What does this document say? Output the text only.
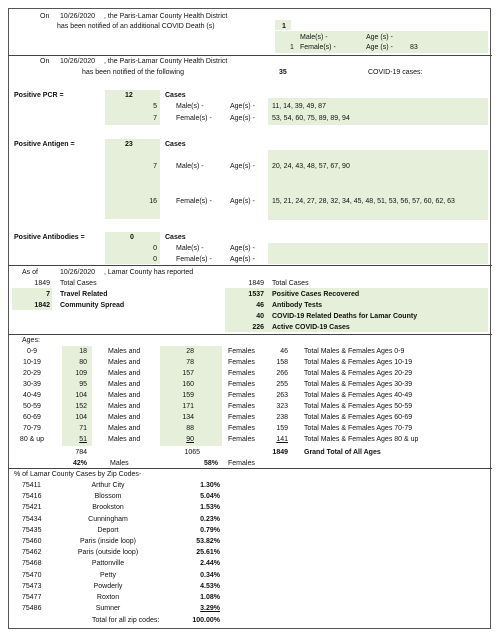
On 10/26/2020 , the Paris-Lamar County Health District
has been notified of an additional COVID Death (s)	1
Male(s) -	Age (s) -
1 Female(s) -	Age (s) - 83
On 10/26/2020 , the Paris-Lamar County Health District
has been notified of the following	35	COVID-19 cases:
Positive PCR =	12	Cases
5	Male(s) -	Age(s) - 11, 14, 39, 49, 87
7	Female(s) -	Age(s) - 53, 54, 60, 75, 89, 89, 94
Positive Antigen =	23	Cases
7	Male(s) -	Age(s) - 20, 24, 43, 48, 57, 67, 90
16	Female(s) -	Age(s) - 15, 21, 24, 27, 28, 32, 34, 45, 48, 51, 53, 56, 57, 60, 62, 63
Positive Antibodies =	0	Cases
0	Male(s) -	Age(s) -
0	Female(s) -	Age(s) -
As of	10/26/2020 , Lamar County has reported
1849 Total Cases
7 Travel Related
1842 Community Spread
1849 Total Cases
1537 Positive Cases Recovered
46 Antibody Tests
40 COVID-19 Related Deaths for Lamar County
226 Active COVID-19 Cases
Ages:
0-9	18	Males and	28	Females	46 Total Males & Females Ages 0-9
10-19	80	Males and	78	Females	158 Total Males & Females Ages 10-19
20-29	109	Males and	157	Females	266 Total Males & Females Ages 20-29
30-39	95	Males and	160	Females	255 Total Males & Females Ages 30-39
40-49	104	Males and	159	Females	263 Total Males & Females Ages 40-49
50-59	152	Males and	171	Females	323 Total Males & Females Ages 50-59
60-69	104	Males and	134	Females	238 Total Males & Females Ages 60-69
70-79	71	Males and	88	Females	159 Total Males & Females Ages 70-79
80 & up	51	Males and	90	Females	141 Total Males & Females Ages 80 & up
784	1065	1849 Grand Total of All Ages
42%	Males	58% Females
% of Lamar County Cases by Zip Codes-
75411	Arthur City	1.30%
75416	Blossom	5.04%
75421	Brookston	1.53%
75434	Cunningham	0.23%
75435	Deport	0.79%
75460	Paris (inside loop)	53.82%
75462	Paris (outside loop)	25.61%
75468	Pattonville	2.44%
75470	Petty	0.34%
75473	Powderly	4.53%
75477	Roxton	1.08%
75486	Sumner	3.29%
Total for all zip codes:	100.00%
